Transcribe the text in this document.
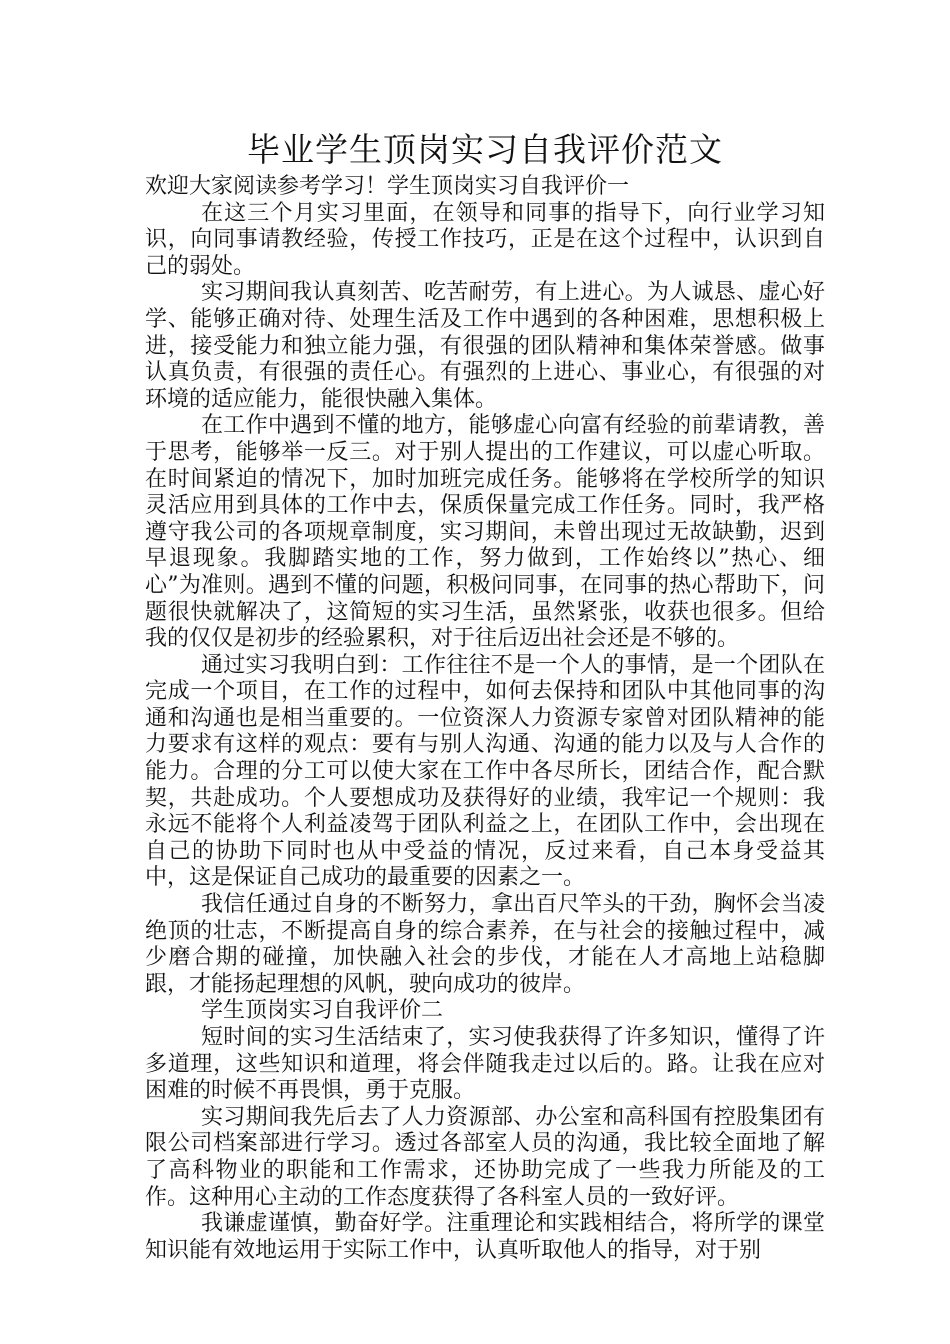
毕业学生顶岗实习自我评价范文

欢迎大家阅读参考学习！学生顶岗实习自我评价一

在这三个月实习里面，在领导和同事的指导下，向行业学习知识，向同事请教经验，传授工作技巧，正是在这个过程中，认识到自己的弱处。

实习期间我认真刻苦、吃苦耐劳，有上进心。为人诚恳、虚心好学、能够正确对待、处理生活及工作中遇到的各种困难，思想积极上进，接受能力和独立能力强，有很强的团队精神和集体荣誉感。做事认真负责，有很强的责任心。有强烈的上进心、事业心，有很强的对环境的适应能力，能很快融入集体。

在工作中遇到不懂的地方，能够虚心向富有经验的前辈请教，善于思考，能够举一反三。对于别人提出的工作建议，可以虚心听取。在时间紧迫的情况下，加时加班完成任务。能够将在学校所学的知识灵活应用到具体的工作中去，保质保量完成工作任务。同时，我严格遵守我公司的各项规章制度，实习期间，未曾出现过无故缺勤，迟到早退现象。我脚踏实地的工作，努力做到，工作始终以”热心、细心”为准则。遇到不懂的问题，积极问同事，在同事的热心帮助下，问题很快就解决了，这简短的实习生活，虽然紧张，收获也很多。但给我的仅仅是初步的经验累积，对于往后迈出社会还是不够的。

通过实习我明白到：工作往往不是一个人的事情，是一个团队在完成一个项目，在工作的过程中，如何去保持和团队中其他同事的沟通和沟通也是相当重要的。一位资深人力资源专家曾对团队精神的能力要求有这样的观点：要有与别人沟通、沟通的能力以及与人合作的能力。合理的分工可以使大家在工作中各尽所长，团结合作，配合默契，共赴成功。个人要想成功及获得好的业绩，我牢记一个规则：我永远不能将个人利益凌驾于团队利益之上，在团队工作中，会出现在自己的协助下同时也从中受益的情况，反过来看，自己本身受益其中，这是保证自己成功的最重要的因素之一。

我信任通过自身的不断努力，拿出百尺竿头的干劲，胸怀会当凌绝顶的壮志，不断提高自身的综合素养，在与社会的接触过程中，减少磨合期的碰撞，加快融入社会的步伐，才能在人才高地上站稳脚跟，才能扬起理想的风帆，驶向成功的彼岸。

学生顶岗实习自我评价二

短时间的实习生活结束了，实习使我获得了许多知识，懂得了许多道理，这些知识和道理，将会伴随我走过以后的。路。让我在应对困难的时候不再畏惧，勇于克服。

实习期间我先后去了人力资源部、办公室和高科国有控股集团有限公司档案部进行学习。透过各部室人员的沟通，我比较全面地了解了高科物业的职能和工作需求，还协助完成了一些我力所能及的工作。这种用心主动的工作态度获得了各科室人员的一致好评。

我谦虚谨慎，勤奋好学。注重理论和实践相结合，将所学的课堂知识能有效地运用于实际工作中，认真听取他人的指导，对于别
